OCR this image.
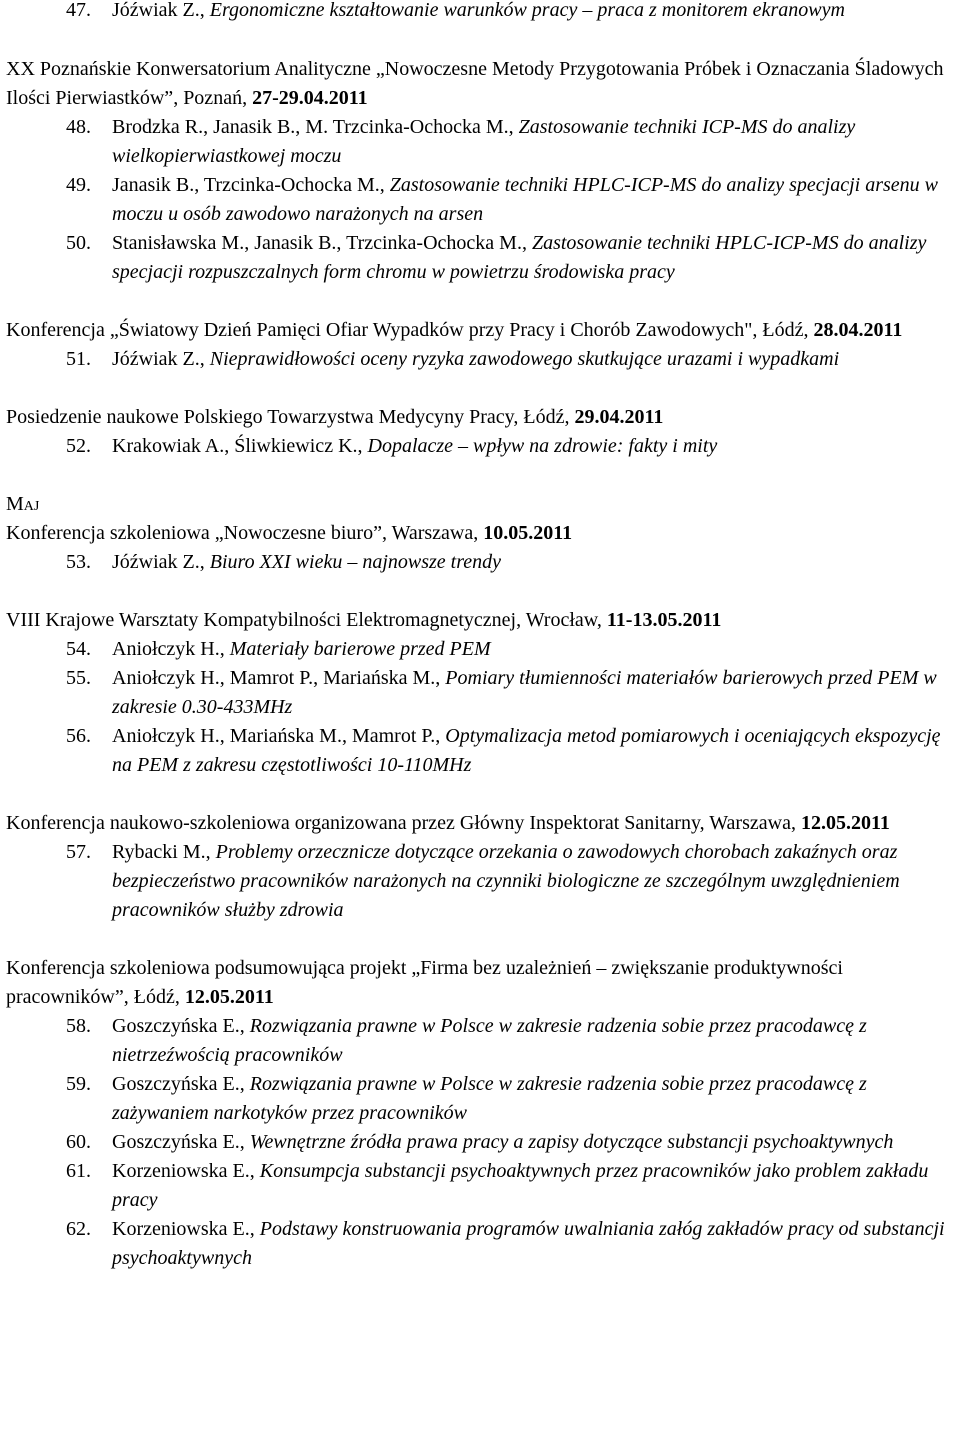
47. Jóźwiak Z., Ergonomiczne kształtowanie warunków pracy – praca z monitorem ekranowym

XX Poznańskie Konwersatorium Analityczne „Nowoczesne Metody Przygotowania Próbek i Oznaczania Śladowych Ilości Pierwiastków”, Poznań, 27-29.04.2011

48. Brodzka R., Janasik B., M. Trzcinka-Ochocka M., Zastosowanie techniki ICP-MS do analizy wielkopierwiastkowej moczu
49. Janasik B., Trzcinka-Ochocka M., Zastosowanie techniki HPLC-ICP-MS do analizy specjacji arsenu w moczu u osób zawodowo narażonych na arsen
50. Stanisławska M., Janasik B., Trzcinka-Ochocka M., Zastosowanie techniki HPLC-ICP-MS do analizy specjacji rozpuszczalnych form chromu w powietrzu środowiska pracy

Konferencja „Światowy Dzień Pamięci Ofiar Wypadków przy Pracy i Chorób Zawodowych", Łódź, 28.04.2011

51. Jóźwiak Z., Nieprawidłowości oceny ryzyka zawodowego skutkujące urazami i wypadkami

Posiedzenie naukowe Polskiego Towarzystwa Medycyny Pracy, Łódź, 29.04.2011

52. Krakowiak A., Śliwkiewicz K., Dopalacze – wpływ na zdrowie: fakty i mity
Maj

Konferencja szkoleniowa „Nowoczesne biuro”, Warszawa, 10.05.2011

53. Jóźwiak Z., Biuro XXI wieku – najnowsze trendy

VIII Krajowe Warsztaty Kompatybilności Elektromagnetycznej, Wrocław, 11-13.05.2011

54. Aniołczyk H., Materiały barierowe przed PEM
55. Aniołczyk H., Mamrot P., Mariańska M., Pomiary tłumienności materiałów barierowych przed PEM w zakresie 0.30-433MHz
56. Aniołczyk H., Mariańska M., Mamrot P., Optymalizacja metod pomiarowych i oceniających ekspozycję na PEM z zakresu częstotliwości 10-110MHz

Konferencja naukowo-szkoleniowa organizowana przez Główny Inspektorat Sanitarny, Warszawa, 12.05.2011

57. Rybacki M., Problemy orzecznicze dotyczące orzekania o zawodowych chorobach zakaźnych oraz bezpieczeństwo pracowników narażonych na czynniki biologiczne ze szczególnym uwzględnieniem pracowników służby zdrowia

Konferencja szkoleniowa podsumowująca projekt „Firma bez uzależnień – zwiększanie produktywności pracowników”, Łódź, 12.05.2011

58. Goszczyńska E., Rozwiązania prawne w Polsce w zakresie radzenia sobie przez pracodawcę z nietrzeźwością pracowników
59. Goszczyńska E., Rozwiązania prawne w Polsce w zakresie radzenia sobie przez pracodawcę z zażywaniem narkotyków przez pracowników
60. Goszczyńska E., Wewnętrzne źródła prawa pracy a zapisy dotyczące substancji psychoaktywnych
61. Korzeniowska E., Konsumpcja substancji psychoaktywnych przez pracowników jako problem zakładu pracy
62. Korzeniowska E., Podstawy konstruowania programów uwalniania załóg zakładów pracy od substancji psychoaktywnych
